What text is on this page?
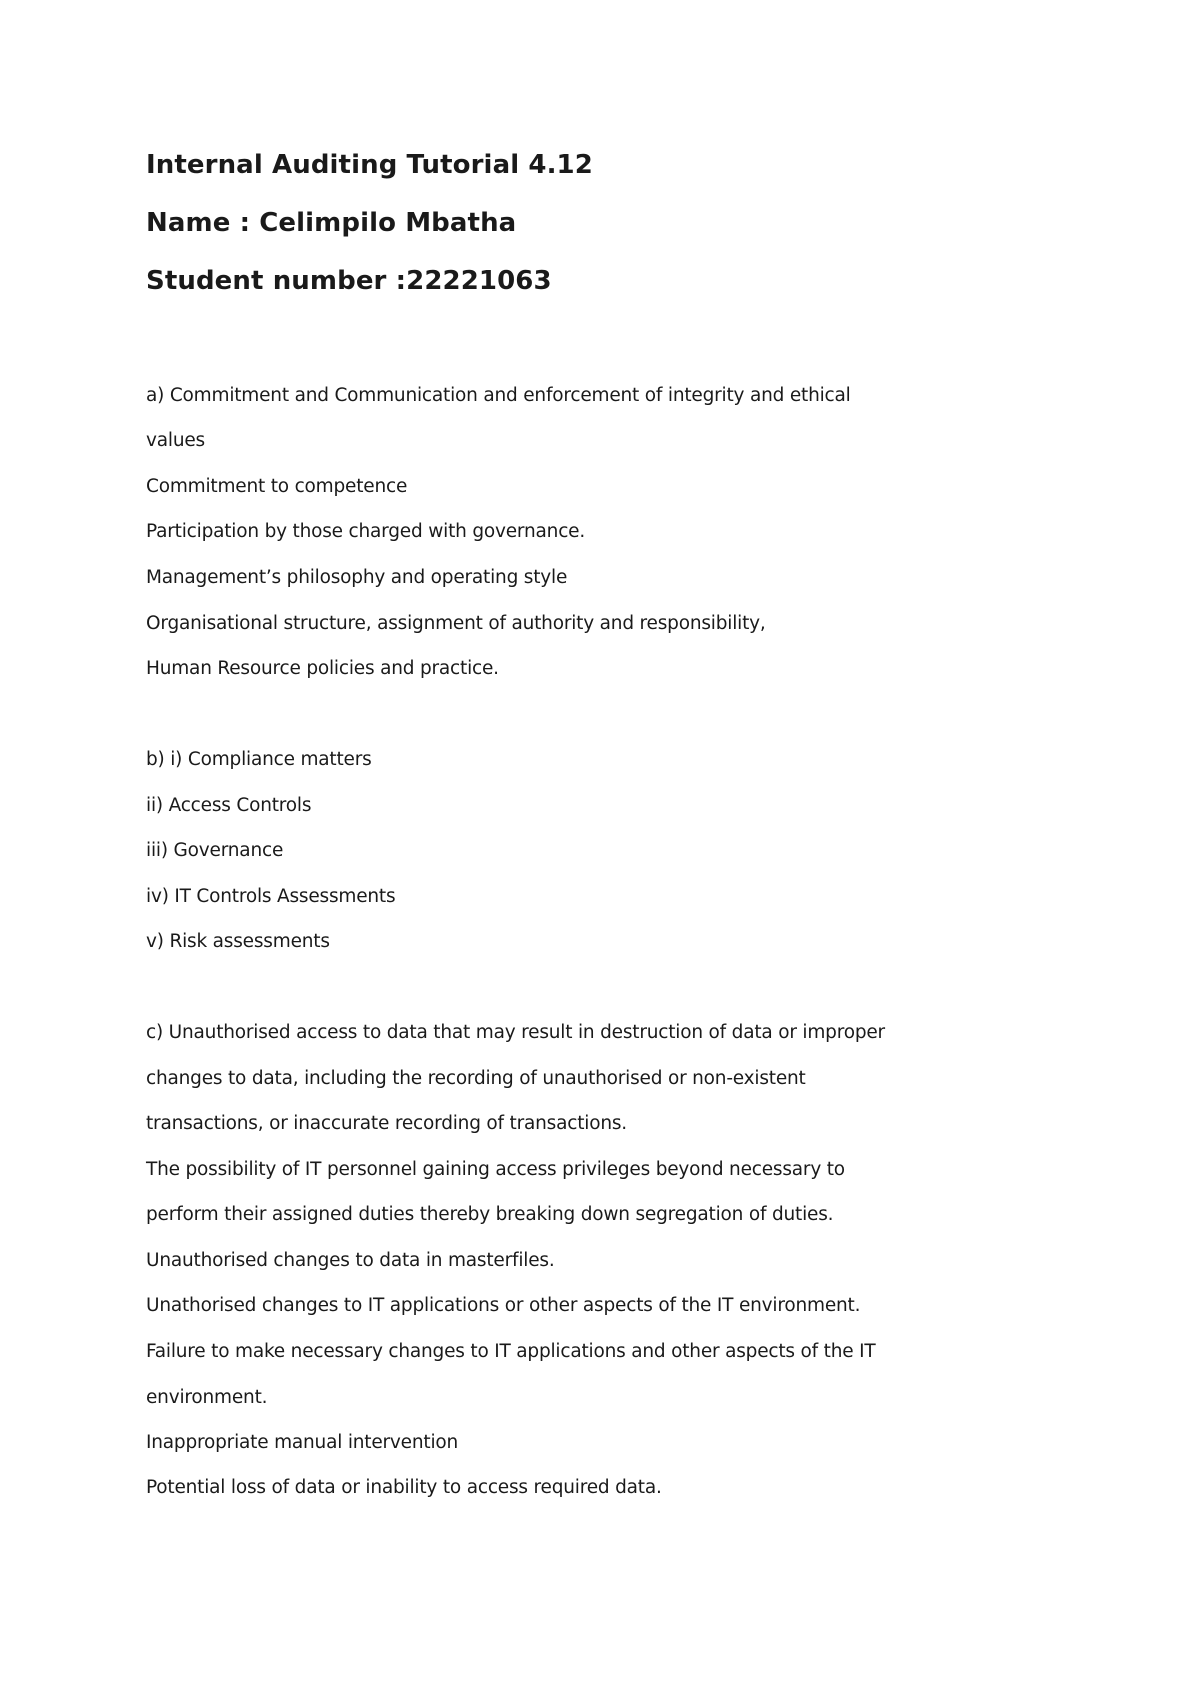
Internal Auditing Tutorial 4.12
Name : Celimpilo Mbatha
Student number :22221063
a) Commitment and Communication and enforcement of integrity and ethical
values
Commitment to competence
Participation by those charged with governance.
Management’s philosophy and operating style
Organisational structure, assignment of authority and responsibility,
Human Resource policies and practice.
b) i) Compliance matters
ii) Access Controls
iii) Governance
iv) IT Controls Assessments
v) Risk assessments
c) Unauthorised access to data that may result in destruction of data or improper
changes to data, including the recording of unauthorised or non-existent
transactions, or inaccurate recording of transactions.
The possibility of IT personnel gaining access privileges beyond necessary to
perform their assigned duties thereby breaking down segregation of duties.
Unauthorised changes to data in masterfiles.
Unathorised changes to IT applications or other aspects of the IT environment.
Failure to make necessary changes to IT applications and other aspects of the IT
environment.
Inappropriate manual intervention
Potential loss of data or inability to access required data.
